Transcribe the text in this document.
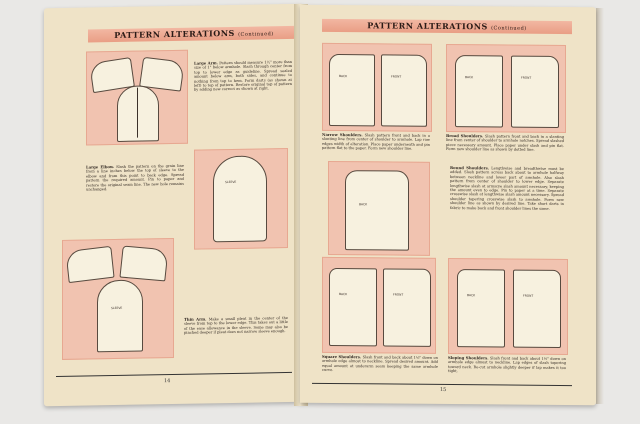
PATTERN ALTERATIONS (Continued)
Large Arm. Pattern should measure 1½" more than size of 1" below armhole. Slash through center from top to lower edge as guideline. Spread sealed amount below arm, both sides, and continue to nothing from top to hem. Form darts (as shown at left) to top of pattern. Restore original top of pattern by adding new correct as shown at right.
Large Elbow. Slash the pattern on the grain line from a line inches below the top of sleeve to the elbow and from this point to back edge. Spread pattern the required amount. Pin to paper and restore the original seam line. The new hole remains unchanged.
SLEEVE
SLEEVE
Thin Arm. Make a small pleat in the center of the sleeve from top to the lower edge. This takes out a little of the ease allowance in the sleeve. Some may also be pinched deeper if pleat does not narrow sleeve enough.
14
PATTERN ALTERATIONS (Continued)
BACK	FRONT
Narrow Shoulders. Slash pattern front and back in a slanting line from center of shoulder to armhole. Lap raw edges width of alteration. Place paper underneath and pin pattern flat to the paper. Form new shoulder line.
BACK	FRONT
Broad Shoulders. Slash pattern front and back in a slanting line from center of shoulder to armhole notches. Spread slashed piece necessary amount. Place paper under slash and pin flat. Form new shoulder line as shown by dotted line.
BACK
Round Shoulders. Lengthwise and breadthwise must be added. Slash pattern across back about to armhole halfway between neckline and lower part of armhole. Also slash pattern from center of shoulder to lower edge. Separate lengthwise slash at armscye slash amount necessary, keeping the amount even to edge. Pin to paper at a time. Separate crosswise slash at lengthwise slash amount necessary. Spread shoulder tapering crosswise slash to armhole. Form new shoulder line as shown by desired line. Take short darts in fabric to make back and front shoulder lines the same.
BACK	FRONT
Square Shoulders. Slash front and back about 1½" down on armhole edge almost to neckline. Spread desired amount. Add equal amount at underarm seam keeping the same armhole curve.
BACK	FRONT
Sloping Shoulders. Slash front and back about 1½" down on armhole edge almost to neckline. Lap edges of slash tapering toward neck. Re-cut armhole slightly deeper if lap makes it too tight.
15
